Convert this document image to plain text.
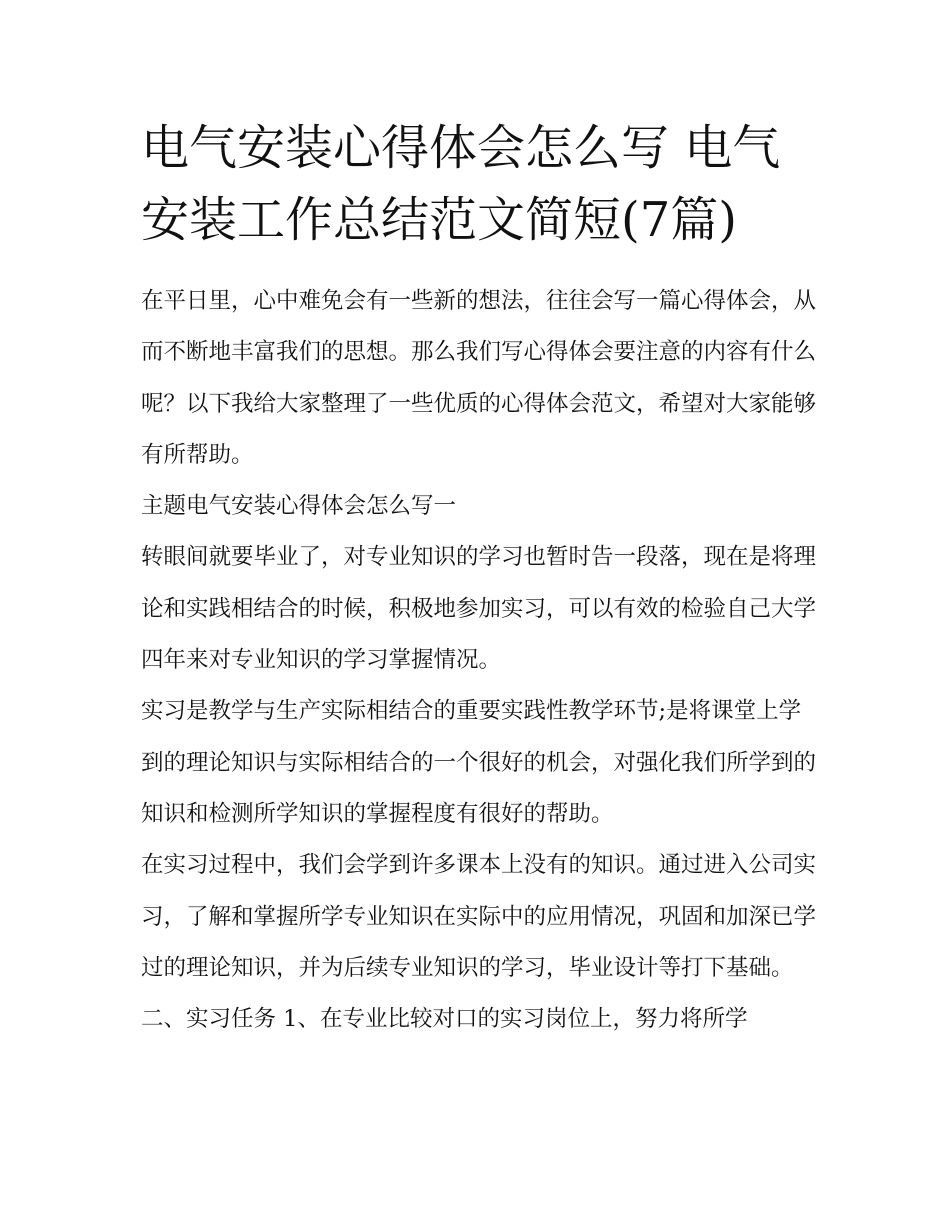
电气安装心得体会怎么写 电气安装工作总结范文简短(7篇)

在平日里，心中难免会有一些新的想法，往往会写一篇心得体会，从而不断地丰富我们的思想。那么我们写心得体会要注意的内容有什么呢？以下我给大家整理了一些优质的心得体会范文，希望对大家能够有所帮助。

主题电气安装心得体会怎么写一

转眼间就要毕业了，对专业知识的学习也暂时告一段落，现在是将理论和实践相结合的时候，积极地参加实习，可以有效的检验自己大学四年来对专业知识的学习掌握情况。

实习是教学与生产实际相结合的重要实践性教学环节;是将课堂上学到的理论知识与实际相结合的一个很好的机会，对强化我们所学到的知识和检测所学知识的掌握程度有很好的帮助。

在实习过程中，我们会学到许多课本上没有的知识。通过进入公司实习，了解和掌握所学专业知识在实际中的应用情况，巩固和加深已学过的理论知识，并为后续专业知识的学习，毕业设计等打下基础。

二、实习任务 1、在专业比较对口的实习岗位上，努力将所学
